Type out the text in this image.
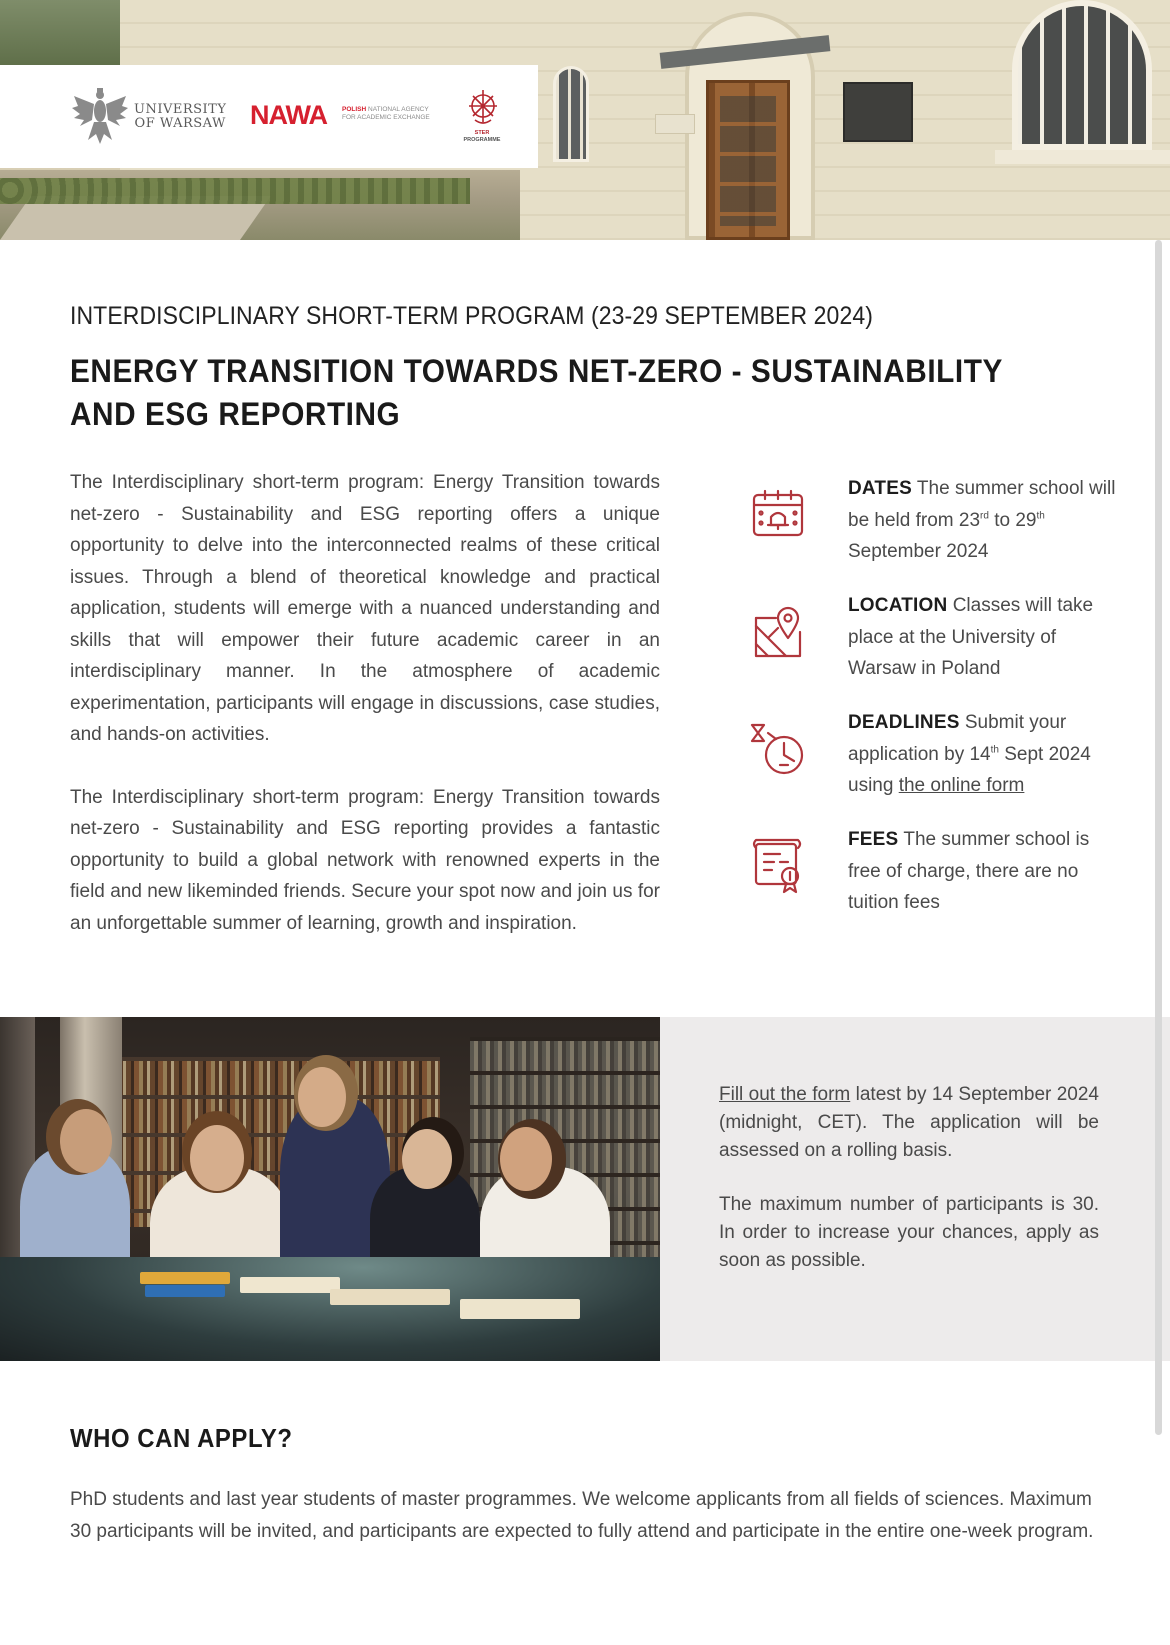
UNIVERSITY
OF WARSAW NAWA POLISH NATIONAL AGENCY FOR ACADEMIC EXCHANGE
STER
PROGRAMME
INTERDISCIPLINARY SHORT-TERM PROGRAM (23-29 SEPTEMBER 2024)
ENERGY TRANSITION TOWARDS NET-ZERO - SUSTAINABILITY AND ESG REPORTING

The Interdisciplinary short-term program: Energy Transition towards net-zero - Sustainability and ESG reporting offers a unique opportunity to delve into the interconnected realms of these critical issues. Through a blend of theoretical knowledge and practical application, students will emerge with a nuanced understanding and skills that will empower their future academic career in an interdisciplinary manner. In the atmosphere of academic experimentation, participants will engage in discussions, case studies, and hands-on activities.

The Interdisciplinary short-term program: Energy Transition towards net-zero - Sustainability and ESG reporting provides a fantastic opportunity to build a global network with renowned experts in the field and new likeminded friends. Secure your spot now and join us for an unforgettable summer of learning, growth and inspiration.

DATES The summer school will be held from 23rd to 29th September 2024
LOCATION Classes will take place at the University of Warsaw in Poland
DEADLINES Submit your application by 14th Sept 2024 using the online form
FEES The summer school is free of charge, there are no tuition fees

Fill out the form latest by 14 September 2024 (midnight, CET). The application will be assessed on a rolling basis.

The maximum number of participants is 30. In order to increase your chances, apply as soon as possible.

WHO CAN APPLY?

PhD students and last year students of master programmes. We welcome applicants from all fields of sciences. Maximum 30 participants will be invited, and participants are expected to fully attend and participate in the entire one-week program.
